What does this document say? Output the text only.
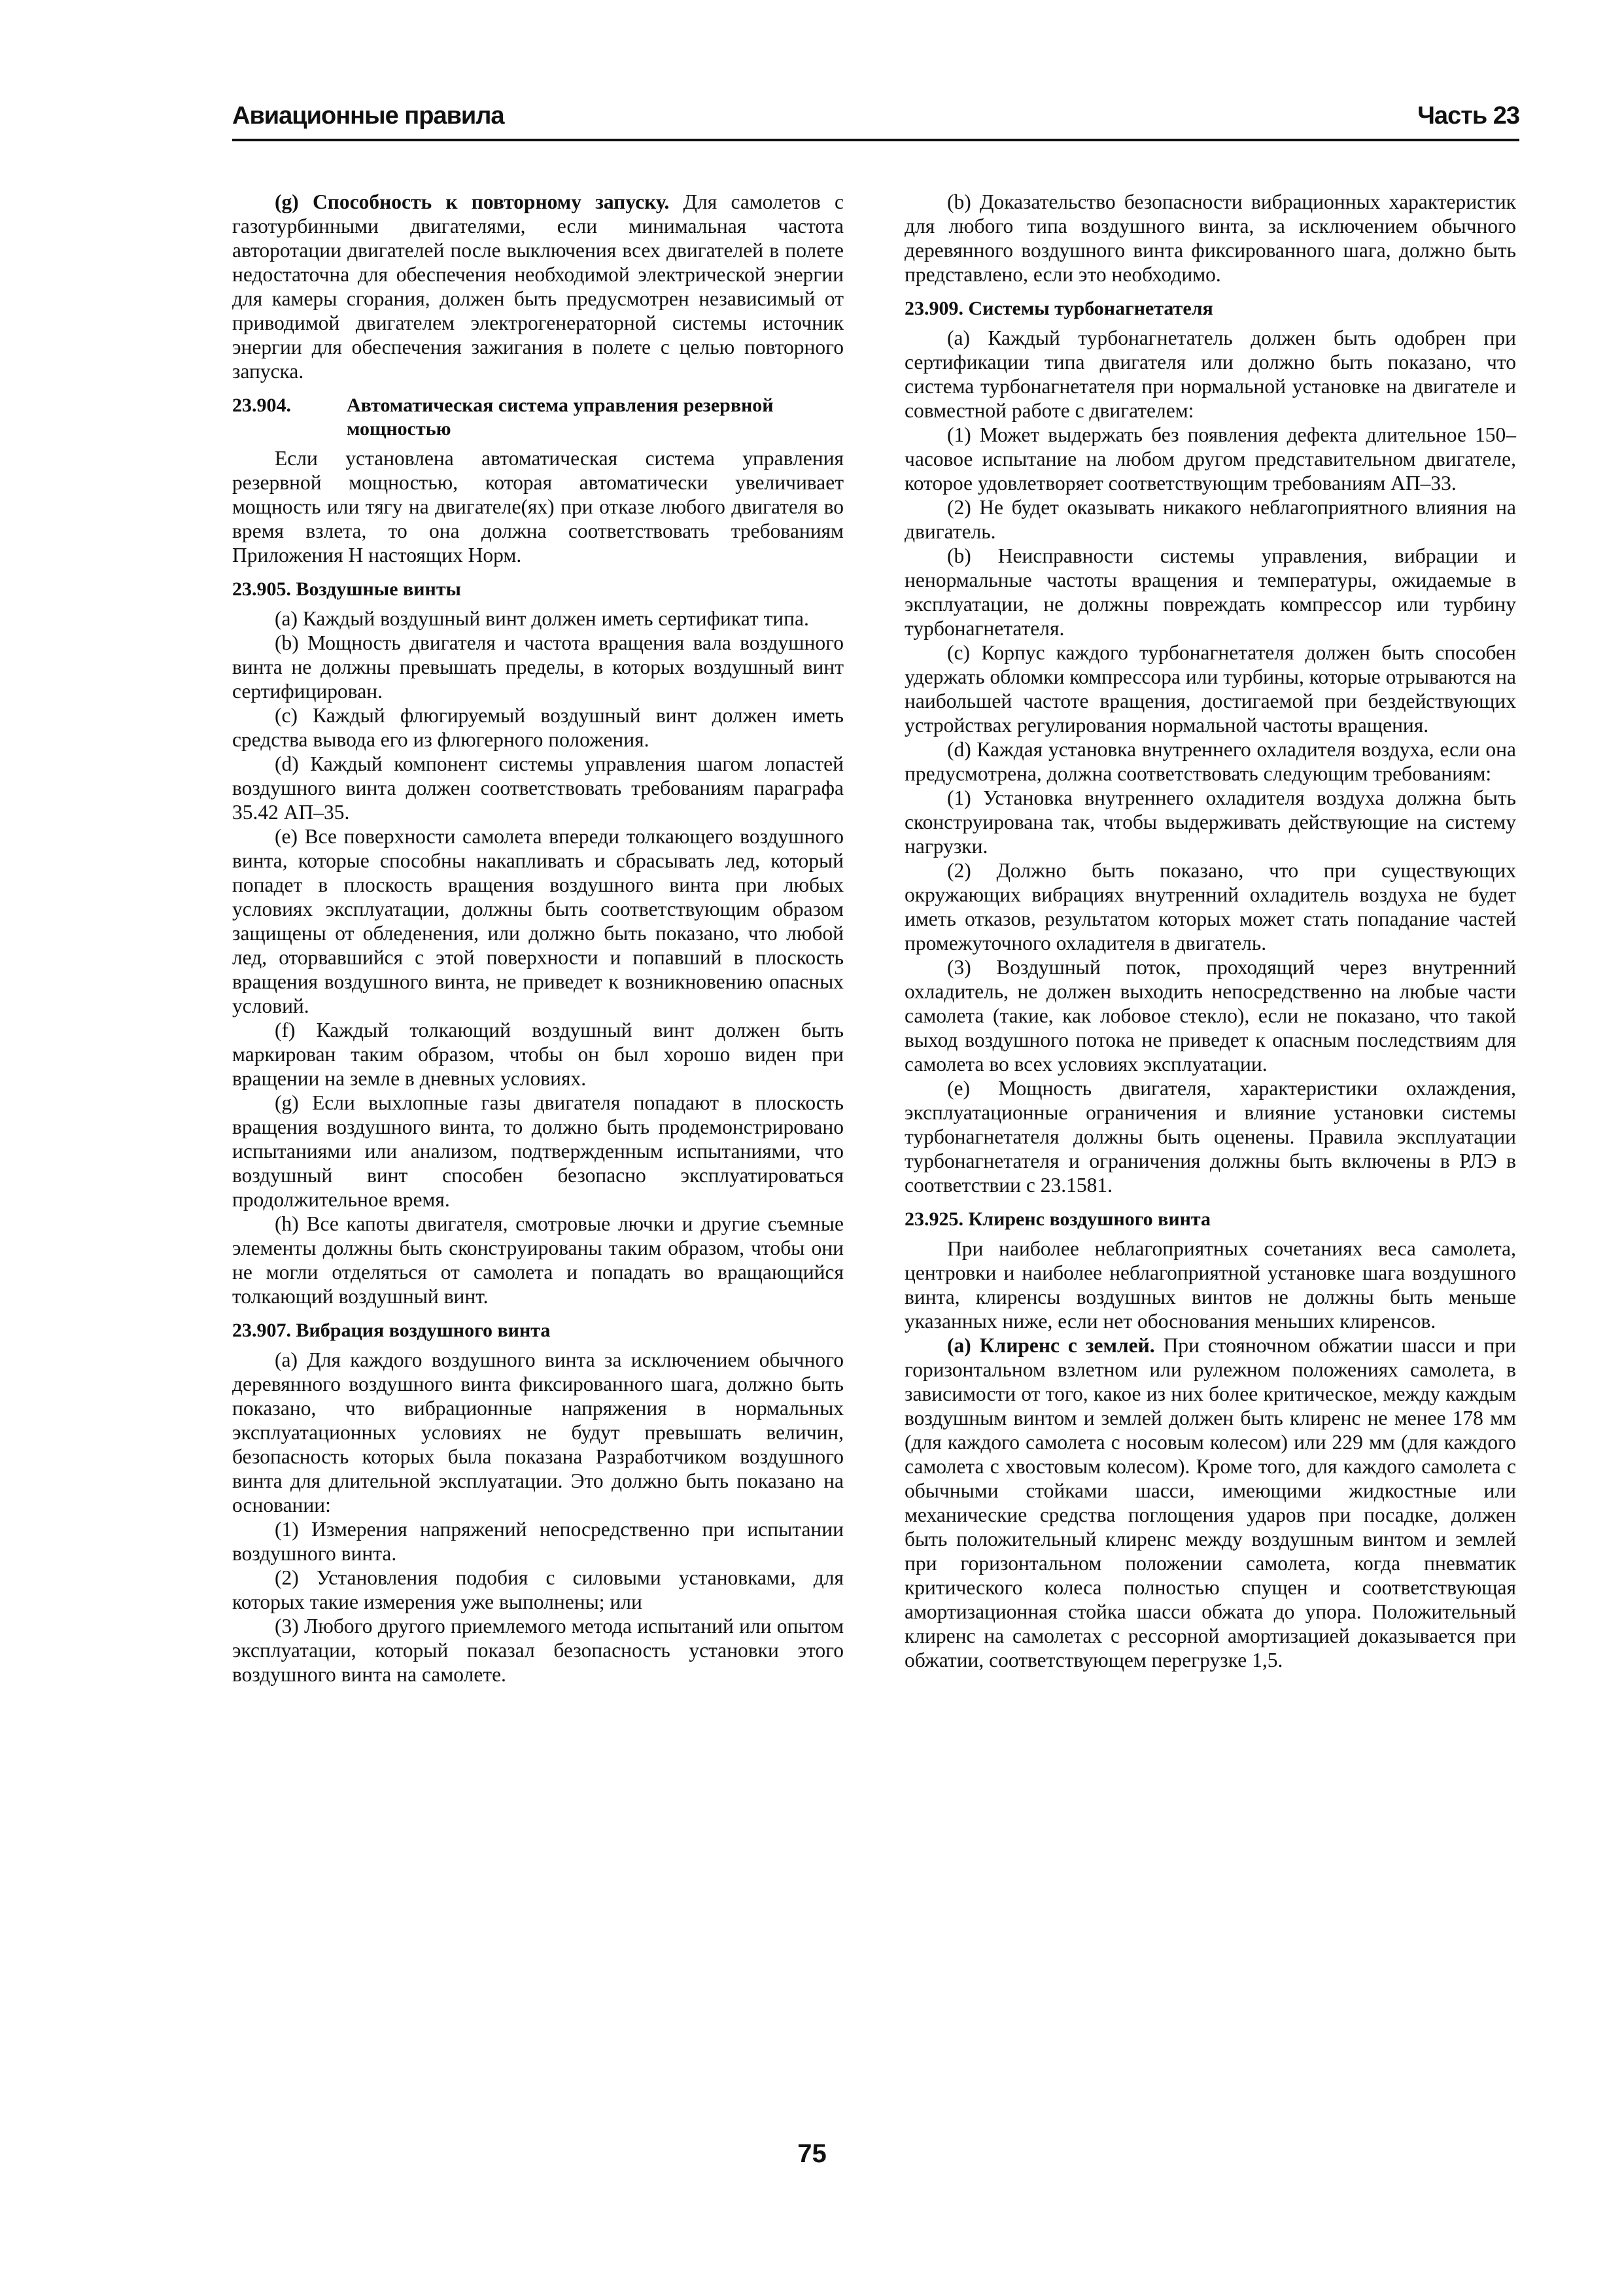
Авиационные правила	Часть 23

(g) Способность к повторному запуску. Для самолетов с газотурбинными двигателями, если минимальная частота авторотации двигателей после выключения всех двигателей в полете недостаточна для обеспечения необходимой электрической энергии для камеры сгорания, должен быть предусмотрен независимый от приводимой двигателем электрогенераторной системы источник энергии для обеспечения зажигания в полете с целью повторного запуска.

23.904.	Автоматическая система управления резервной мощностью

Если установлена автоматическая система управления резервной мощностью, которая автоматически увеличивает мощность или тягу на двигателе(ях) при отказе любого двигателя во время взлета, то она должна соответствовать требованиям Приложения H настоящих Норм.

23.905. Воздушные винты

(a) Каждый воздушный винт должен иметь сертификат типа.

(b) Мощность двигателя и частота вращения вала воздушного винта не должны превышать пределы, в которых воздушный винт сертифицирован.

(c) Каждый флюгируемый воздушный винт должен иметь средства вывода его из флюгерного положения.

(d) Каждый компонент системы управления шагом лопастей воздушного винта должен соответствовать требованиям параграфа 35.42 АП–35.

(e) Все поверхности самолета впереди толкающего воздушного винта, которые способны накапливать и сбрасывать лед, который попадет в плоскость вращения воздушного винта при любых условиях эксплуатации, должны быть соответствующим образом защищены от обледенения, или должно быть показано, что любой лед, оторвавшийся с этой поверхности и попавший в плоскость вращения воздушного винта, не приведет к возникновению опасных условий.

(f) Каждый толкающий воздушный винт должен быть маркирован таким образом, чтобы он был хорошо виден при вращении на земле в дневных условиях.

(g) Если выхлопные газы двигателя попадают в плоскость вращения воздушного винта, то должно быть продемонстрировано испытаниями или анализом, подтвержденным испытаниями, что воздушный винт способен безопасно эксплуатироваться продолжительное время.

(h) Все капоты двигателя, смотровые лючки и другие съемные элементы должны быть сконструированы таким образом, чтобы они не могли отделяться от самолета и попадать во вращающийся толкающий воздушный винт.

23.907. Вибрация воздушного винта

(a) Для каждого воздушного винта за исключением обычного деревянного воздушного винта фиксированного шага, должно быть показано, что вибрационные напряжения в нормальных эксплуатационных условиях не будут превышать величин, безопасность которых была показана Разработчиком воздушного винта для длительной эксплуатации. Это должно быть показано на основании:

(1) Измерения напряжений непосредственно при испытании воздушного винта.

(2) Установления подобия с силовыми установками, для которых такие измерения уже выполнены; или

(3) Любого другого приемлемого метода испытаний или опытом эксплуатации, который показал безопасность установки этого воздушного винта на самолете.

(b) Доказательство безопасности вибрационных характеристик для любого типа воздушного винта, за исключением обычного деревянного воздушного винта фиксированного шага, должно быть представлено, если это необходимо.

23.909. Системы турбонагнетателя

(a) Каждый турбонагнетатель должен быть одобрен при сертификации типа двигателя или должно быть показано, что система турбонагнетателя при нормальной установке на двигателе и совместной работе с двигателем:

(1) Может выдержать без появления дефекта длительное 150–часовое испытание на любом другом представительном двигателе, которое удовлетворяет соответствующим требованиям АП–33.

(2) Не будет оказывать никакого неблагоприятного влияния на двигатель.

(b) Неисправности системы управления, вибрации и ненормальные частоты вращения и температуры, ожидаемые в эксплуатации, не должны повреждать компрессор или турбину турбонагнетателя.

(c) Корпус каждого турбонагнетателя должен быть способен удержать обломки компрессора или турбины, которые отрываются на наибольшей частоте вращения, достигаемой при бездействующих устройствах регулирования нормальной частоты вращения.

(d) Каждая установка внутреннего охладителя воздуха, если она предусмотрена, должна соответствовать следующим требованиям:

(1) Установка внутреннего охладителя воздуха должна быть сконструирована так, чтобы выдерживать действующие на систему нагрузки.

(2) Должно быть показано, что при существующих окружающих вибрациях внутренний охладитель воздуха не будет иметь отказов, результатом которых может стать попадание частей промежуточного охладителя в двигатель.

(3) Воздушный поток, проходящий через внутренний охладитель, не должен выходить непосредственно на любые части самолета (такие, как лобовое стекло), если не показано, что такой выход воздушного потока не приведет к опасным последствиям для самолета во всех условиях эксплуатации.

(e) Мощность двигателя, характеристики охлаждения, эксплуатационные ограничения и влияние установки системы турбонагнетателя должны быть оценены. Правила эксплуатации турбонагнетателя и ограничения должны быть включены в РЛЭ в соответствии с 23.1581.

23.925. Клиренс воздушного винта

При наиболее неблагоприятных сочетаниях веса самолета, центровки и наиболее неблагоприятной установке шага воздушного винта, клиренсы воздушных винтов не должны быть меньше указанных ниже, если нет обоснования меньших клиренсов.

(a) Клиренс с землей. При стояночном обжатии шасси и при горизонтальном взлетном или рулежном положениях самолета, в зависимости от того, какое из них более критическое, между каждым воздушным винтом и землей должен быть клиренс не менее 178 мм (для каждого самолета с носовым колесом) или 229 мм (для каждого самолета с хвостовым колесом). Кроме того, для каждого самолета с обычными стойками шасси, имеющими жидкостные или механические средства поглощения ударов при посадке, должен быть положительный клиренс между воздушным винтом и землей при горизонтальном положении самолета, когда пневматик критического колеса полностью спущен и соответствующая амортизационная стойка шасси обжата до упора. Положительный клиренс на самолетах с рессорной амортизацией доказывается при обжатии, соответствующем перегрузке 1,5.

75
